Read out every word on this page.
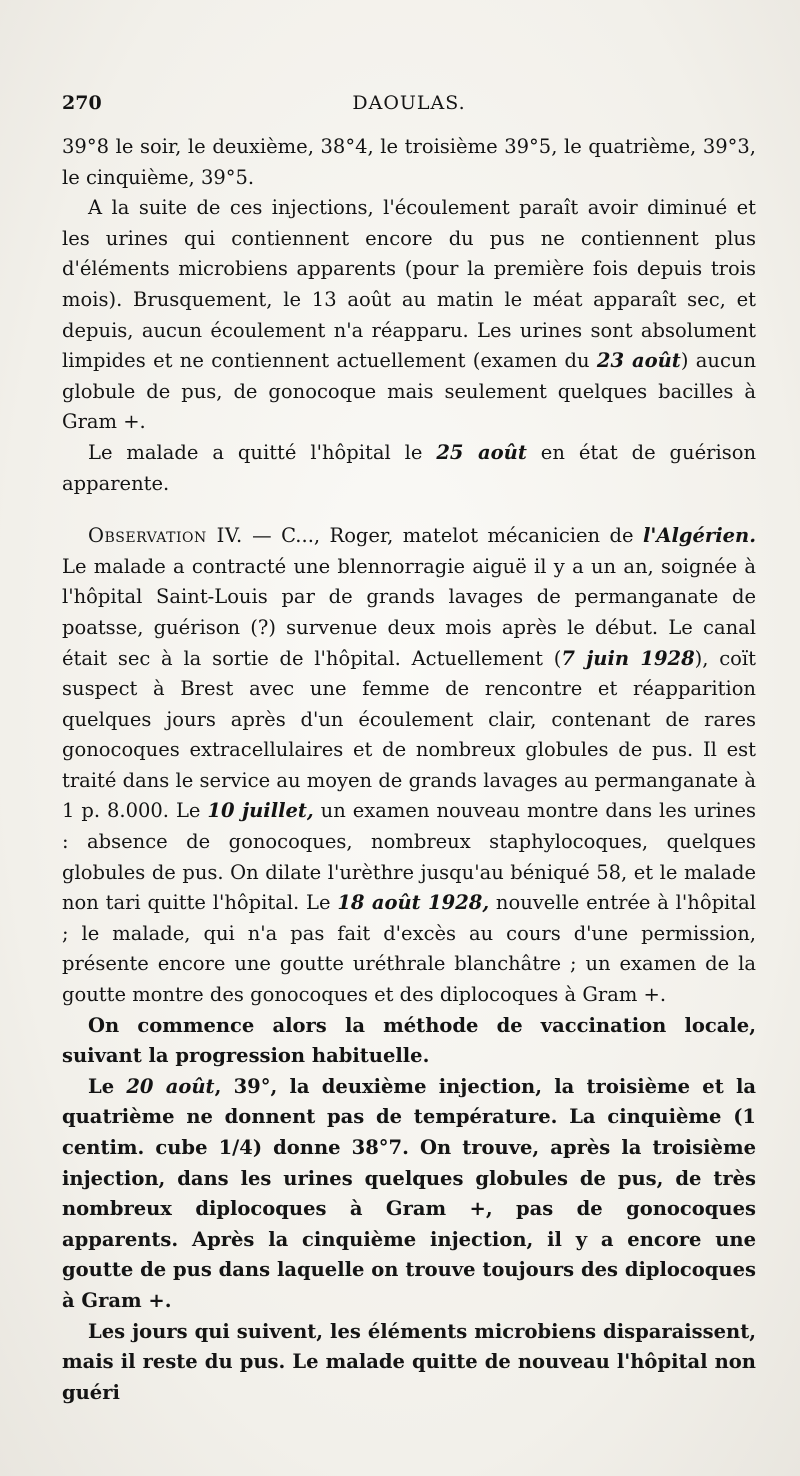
270	DAOULAS.

39°8 le soir, le deuxième, 38°4, le troisième 39°5, le quatrième, 39°3, le cinquième, 39°5.

A la suite de ces injections, l'écoulement paraît avoir diminué et les urines qui contiennent encore du pus ne contiennent plus d'éléments microbiens apparents (pour la première fois depuis trois mois). Brusquement, le 13 août au matin le méat apparaît sec, et depuis, aucun écoulement n'a réapparu. Les urines sont absolument limpides et ne contiennent actuellement (examen du 23 août) aucun globule de pus, de gonocoque mais seulement quelques bacilles à Gram +.

Le malade a quitté l'hôpital le 25 août en état de guérison apparente.

Observation IV. — C..., Roger, matelot mécanicien de l'Algérien. Le malade a contracté une blennorragie aiguë il y a un an, soignée à l'hôpital Saint-Louis par de grands lavages de permanganate de poatsse, guérison (?) survenue deux mois après le début. Le canal était sec à la sortie de l'hôpital. Actuellement (7 juin 1928), coït suspect à Brest avec une femme de rencontre et réapparition quelques jours après d'un écoulement clair, contenant de rares gonocoques extracellulaires et de nombreux globules de pus. Il est traité dans le service au moyen de grands lavages au permanganate à 1 p. 8.000. Le 10 juillet, un examen nouveau montre dans les urines : absence de gonocoques, nombreux staphylocoques, quelques globules de pus. On dilate l'urèthre jusqu'au béniqué 58, et le malade non tari quitte l'hôpital. Le 18 août 1928, nouvelle entrée à l'hôpital ; le malade, qui n'a pas fait d'excès au cours d'une permission, présente encore une goutte uréthrale blanchâtre ; un examen de la goutte montre des gonocoques et des diplocoques à Gram +.

On commence alors la méthode de vaccination locale, suivant la progression habituelle.

Le 20 août, 39°, la deuxième injection, la troisième et la quatrième ne donnent pas de température. La cinquième (1 centim. cube 1/4) donne 38°7. On trouve, après la troisième injection, dans les urines quelques globules de pus, de très nombreux diplocoques à Gram +, pas de gonocoques apparents. Après la cinquième injection, il y a encore une goutte de pus dans laquelle on trouve toujours des diplocoques à Gram +.

Les jours qui suivent, les éléments microbiens disparaissent, mais il reste du pus. Le malade quitte de nouveau l'hôpital non guéri
